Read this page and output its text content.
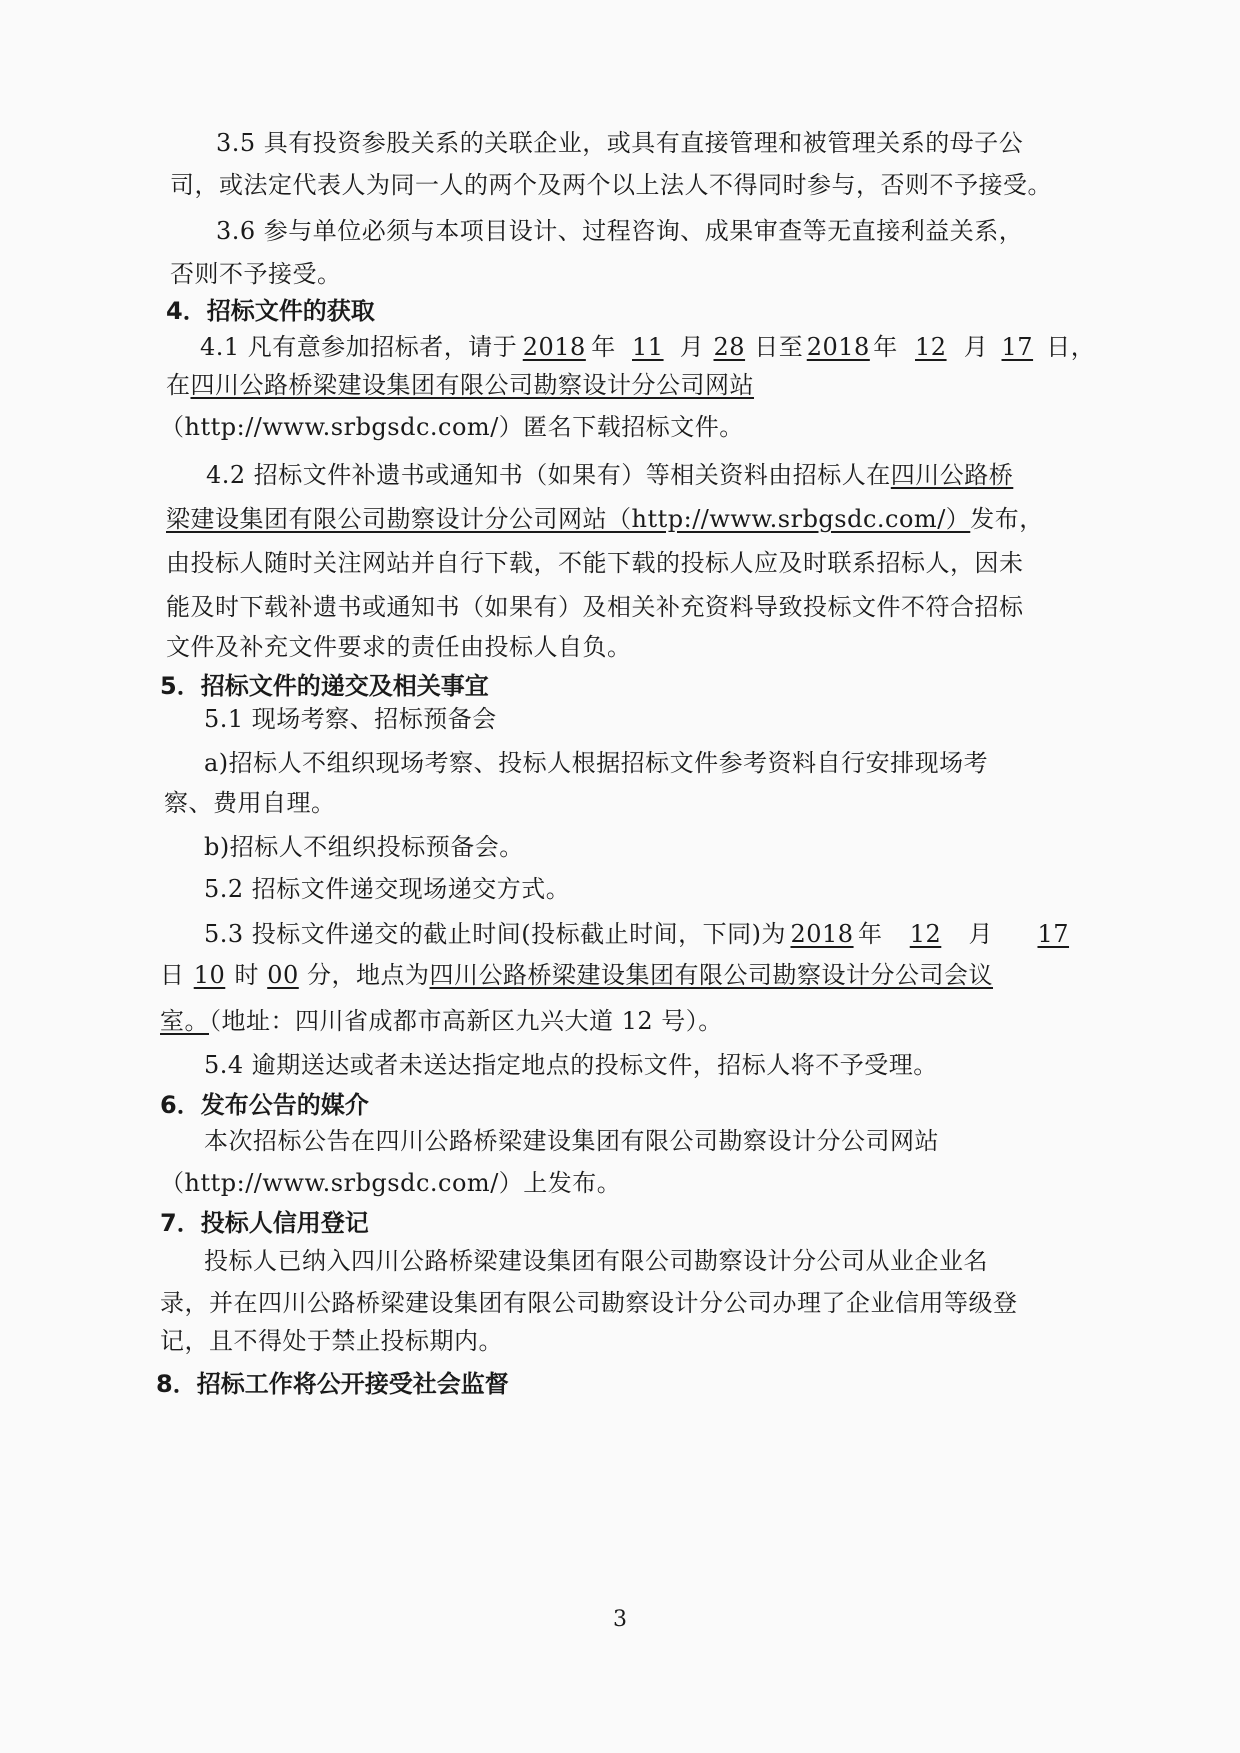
3.5 具有投资参股关系的关联企业，或具有直接管理和被管理关系的母子公
司，或法定代表人为同一人的两个及两个以上法人不得同时参与，否则不予接受。
3.6 参与单位必须与本项目设计、过程咨询、成果审查等无直接利益关系，
否则不予接受。
4．招标文件的获取
4.1 凡有意参加招标者，请于 2018 年 11 月 28 日至 2018 年 12 月 17 日，
在四川公路桥梁建设集团有限公司勘察设计分公司网站
（http://www.srbgsdc.com/）匿名下载招标文件。
4.2 招标文件补遗书或通知书（如果有）等相关资料由招标人在四川公路桥
梁建设集团有限公司勘察设计分公司网站（http://www.srbgsdc.com/）发布，
由投标人随时关注网站并自行下载，不能下载的投标人应及时联系招标人，因未
能及时下载补遗书或通知书（如果有）及相关补充资料导致投标文件不符合招标
文件及补充文件要求的责任由投标人自负。
5．招标文件的递交及相关事宜
5.1 现场考察、招标预备会
a)招标人不组织现场考察、投标人根据招标文件参考资料自行安排现场考
察、费用自理。
b)招标人不组织投标预备会。
5.2 招标文件递交现场递交方式。
5.3 投标文件递交的截止时间(投标截止时间，下同)为 2018 年 12 月 17
日 10 时 00 分，地点为四川公路桥梁建设集团有限公司勘察设计分公司会议
室。（地址：四川省成都市高新区九兴大道 12 号）。
5.4 逾期送达或者未送达指定地点的投标文件，招标人将不予受理。
6．发布公告的媒介
本次招标公告在四川公路桥梁建设集团有限公司勘察设计分公司网站
（http://www.srbgsdc.com/）上发布。
7．投标人信用登记
投标人已纳入四川公路桥梁建设集团有限公司勘察设计分公司从业企业名
录，并在四川公路桥梁建设集团有限公司勘察设计分公司办理了企业信用等级登
记，且不得处于禁止投标期内。
8．招标工作将公开接受社会监督
3
